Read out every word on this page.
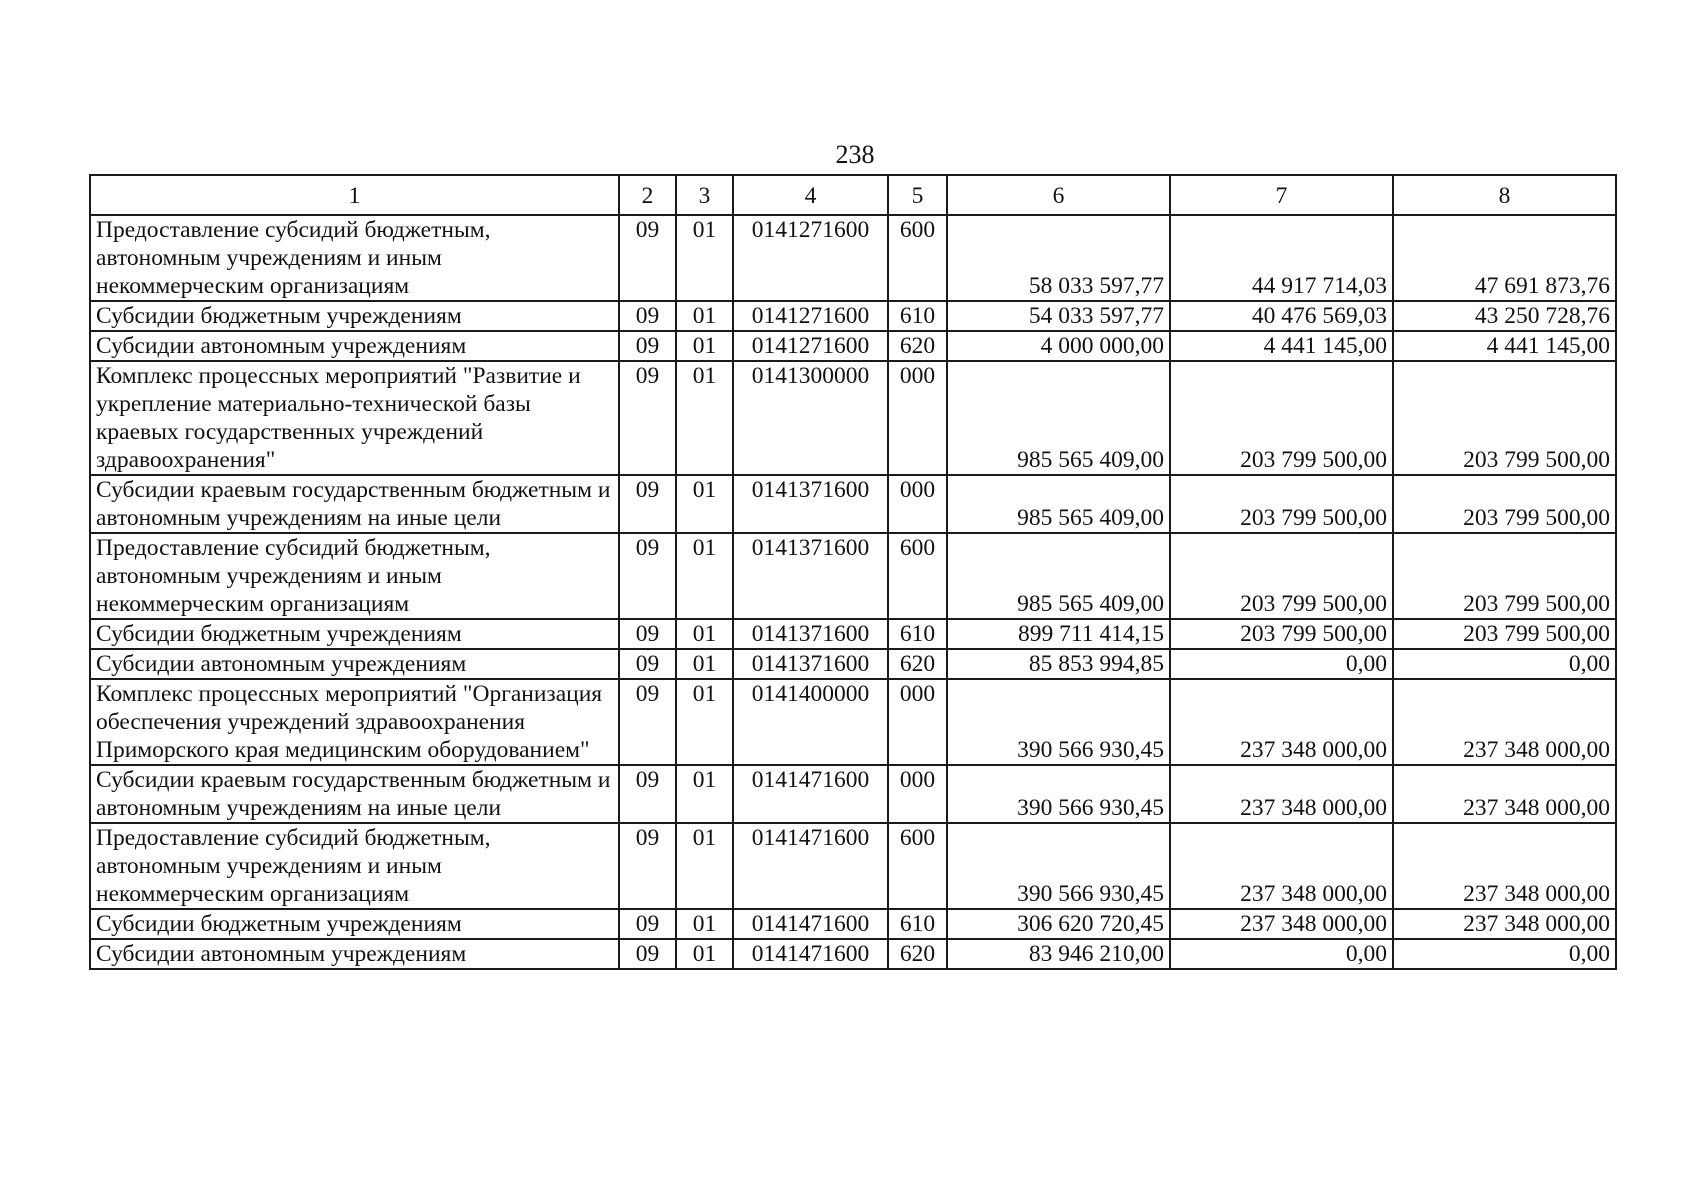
238
1	2	3	4	5	6	7	8
Предоставление субсидий бюджетным, автономным учреждениям и иным некоммерческим организациям	09	01	0141271600	600	58 033 597,77	44 917 714,03	47 691 873,76
Субсидии бюджетным учреждениям	09	01	0141271600	610	54 033 597,77	40 476 569,03	43 250 728,76
Субсидии автономным учреждениям	09	01	0141271600	620	4 000 000,00	4 441 145,00	4 441 145,00
Комплекс процессных мероприятий "Развитие и укрепление материально-технической базы краевых государственных учреждений здравоохранения"	09	01	0141300000	000	985 565 409,00	203 799 500,00	203 799 500,00
Субсидии краевым государственным бюджетным и автономным учреждениям на иные цели	09	01	0141371600	000	985 565 409,00	203 799 500,00	203 799 500,00
Предоставление субсидий бюджетным, автономным учреждениям и иным некоммерческим организациям	09	01	0141371600	600	985 565 409,00	203 799 500,00	203 799 500,00
Субсидии бюджетным учреждениям	09	01	0141371600	610	899 711 414,15	203 799 500,00	203 799 500,00
Субсидии автономным учреждениям	09	01	0141371600	620	85 853 994,85	0,00	0,00
Комплекс процессных мероприятий "Организация обеспечения учреждений здравоохранения Приморского края медицинским оборудованием"	09	01	0141400000	000	390 566 930,45	237 348 000,00	237 348 000,00
Субсидии краевым государственным бюджетным и автономным учреждениям на иные цели	09	01	0141471600	000	390 566 930,45	237 348 000,00	237 348 000,00
Предоставление субсидий бюджетным, автономным учреждениям и иным некоммерческим организациям	09	01	0141471600	600	390 566 930,45	237 348 000,00	237 348 000,00
Субсидии бюджетным учреждениям	09	01	0141471600	610	306 620 720,45	237 348 000,00	237 348 000,00
Субсидии автономным учреждениям	09	01	0141471600	620	83 946 210,00	0,00	0,00
